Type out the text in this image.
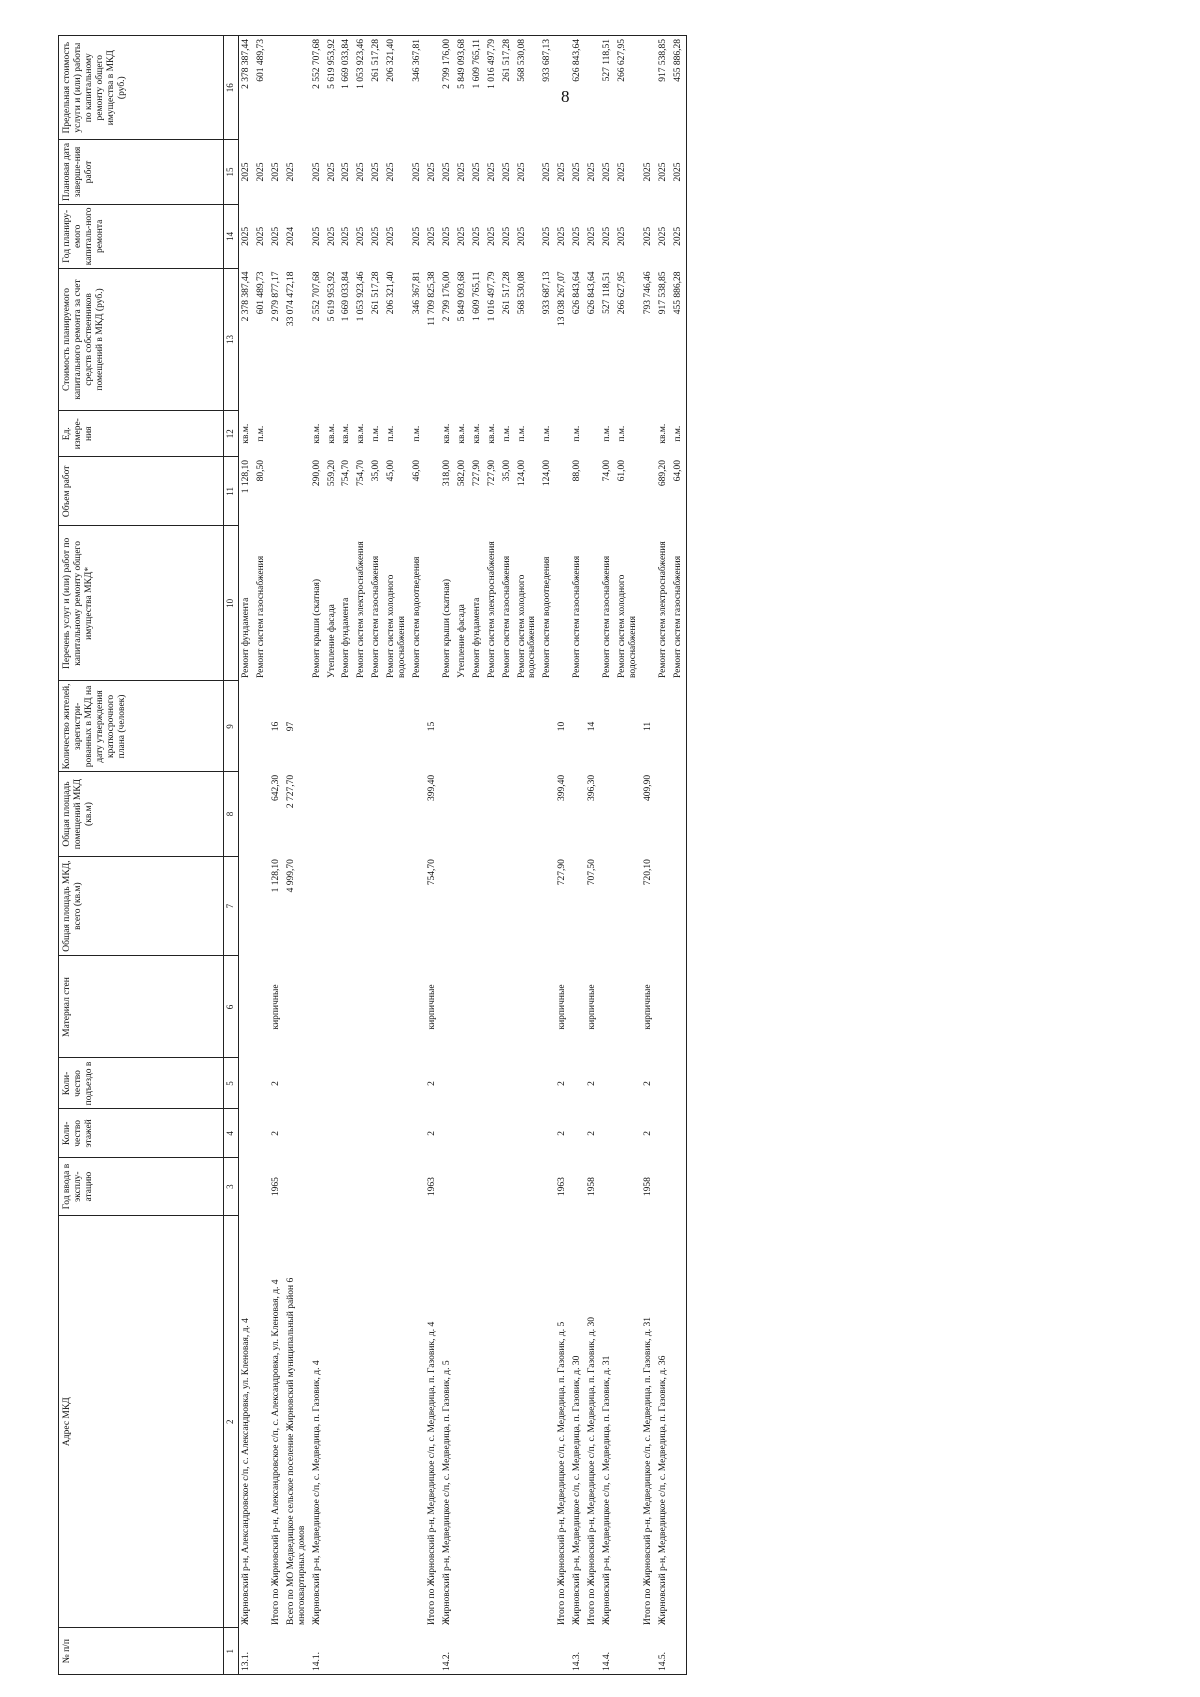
8
№ п/п	Адрес МКД	Год ввода в эксплу-атацию	Коли-чество этажей	Коли-чество подъездо в	Материал стен	Общая площадь МКД, всего (кв.м)	Общая площадь помещений МКД (кв.м)	Количество жителей, зарегистри-рованных в МКД на дату утверждения краткосрочного плана (человек)	Перечень услуг и (или) работ по капитальному ремонту общего имущества МКД*	Объем работ	Ед. измере-ния	Стоимость планируемого капитального ремонта за счет средств собственников помещений в МКД (руб.)	Год планиру-емого капиталь-ного ремонта	Плановая дата заверше-ния работ	Предельная стоимость услуги и (или) работы по капитальному ремонту общего имущества в МКД (руб.)
1	2	3	4	5	6	7	8	9	10	11	12	13	14	15	16
13.1.	Жирновский р-н, Александровское с/п, с. Александровка, ул. Кленовая, д. 4								Ремонт фундамента	1 128,10	кв.м.	2 378 387,44	2025	2025	2 378 387,44
									Ремонт систем газоснабжения	80,50	п.м.	601 489,73	2025	2025	601 489,73
	Итого по Жирновский р-н, Александровское с/п, с. Александровка, ул. Кленовая, д. 4	1965	2	2	кирпичные	1 128,10	642,30	16				2 979 877,17	2025	2025	
	Всего по МО Медведицкое сельское поселение Жирновский муниципальный район 6 многоквартирных домов					4 999,70	2 727,70	97				33 074 472,18	2024	2025	
14.1.	Жирновский р-н, Медведицкое с/п, с. Медведица, п. Газовик, д. 4								Ремонт крыши (скатная)	290,00	кв.м.	2 552 707,68	2025	2025	2 552 707,68
									Утепление фасада	559,20	кв.м.	5 619 953,92	2025	2025	5 619 953,92
									Ремонт фундамента	754,70	кв.м.	1 669 033,84	2025	2025	1 669 033,84
									Ремонт систем электроснабжения	754,70	кв.м.	1 053 923,46	2025	2025	1 053 923,46
									Ремонт систем газоснабжения	35,00	п.м.	261 517,28	2025	2025	261 517,28
									Ремонт систем холодного водоснабжения	45,00	п.м.	206 321,40	2025	2025	206 321,40
									Ремонт систем водоотведения	46,00	п.м.	346 367,81	2025	2025	346 367,81
	Итого по Жирновский р-н, Медведицкое с/п, с. Медведица, п. Газовик, д. 4	1963	2	2	кирпичные	754,70	399,40	15				11 709 825,38	2025	2025	
14.2.	Жирновский р-н, Медведицкое с/п, с. Медведица, п. Газовик, д. 5								Ремонт крыши (скатная)	318,00	кв.м.	2 799 176,00	2025	2025	2 799 176,00
									Утепление фасада	582,00	кв.м.	5 849 093,68	2025	2025	5 849 093,68
									Ремонт фундамента	727,90	кв.м.	1 609 765,11	2025	2025	1 609 765,11
									Ремонт систем электроснабжения	727,90	кв.м.	1 016 497,79	2025	2025	1 016 497,79
									Ремонт систем газоснабжения	35,00	п.м.	261 517,28	2025	2025	261 517,28
									Ремонт систем холодного водоснабжения	124,00	п.м.	568 530,08	2025	2025	568 530,08
									Ремонт систем водоотведения	124,00	п.м.	933 687,13	2025	2025	933 687,13
	Итого по Жирновский р-н, Медведицкое с/п, с. Медведица, п. Газовик, д. 5	1963	2	2	кирпичные	727,90	399,40	10				13 038 267,07	2025	2025	
14.3.	Жирновский р-н, Медведицкое с/п, с. Медведица, п. Газовик, д. 30								Ремонт систем газоснабжения	88,00	п.м.	626 843,64	2025	2025	626 843,64
	Итого по Жирновский р-н, Медведицкое с/п, с. Медведица, п. Газовик, д. 30	1958	2	2	кирпичные	707,50	396,30	14				626 843,64	2025	2025	
14.4.	Жирновский р-н, Медведицкое с/п, с. Медведица, п. Газовик, д. 31								Ремонт систем газоснабжения	74,00	п.м.	527 118,51	2025	2025	527 118,51
									Ремонт систем холодного водоснабжения	61,00	п.м.	266 627,95	2025	2025	266 627,95
	Итого по Жирновский р-н, Медведицкое с/п, с. Медведица, п. Газовик, д. 31	1958	2	2	кирпичные	720,10	409,90	11				793 746,46	2025	2025	
14.5.	Жирновский р-н, Медведицкое с/п, с. Медведица, п. Газовик, д. 36								Ремонт систем электроснабжения	689,20	кв.м.	917 538,85	2025	2025	917 538,85
									Ремонт систем газоснабжения	64,00	п.м.	455 886,28	2025	2025	455 886,28
